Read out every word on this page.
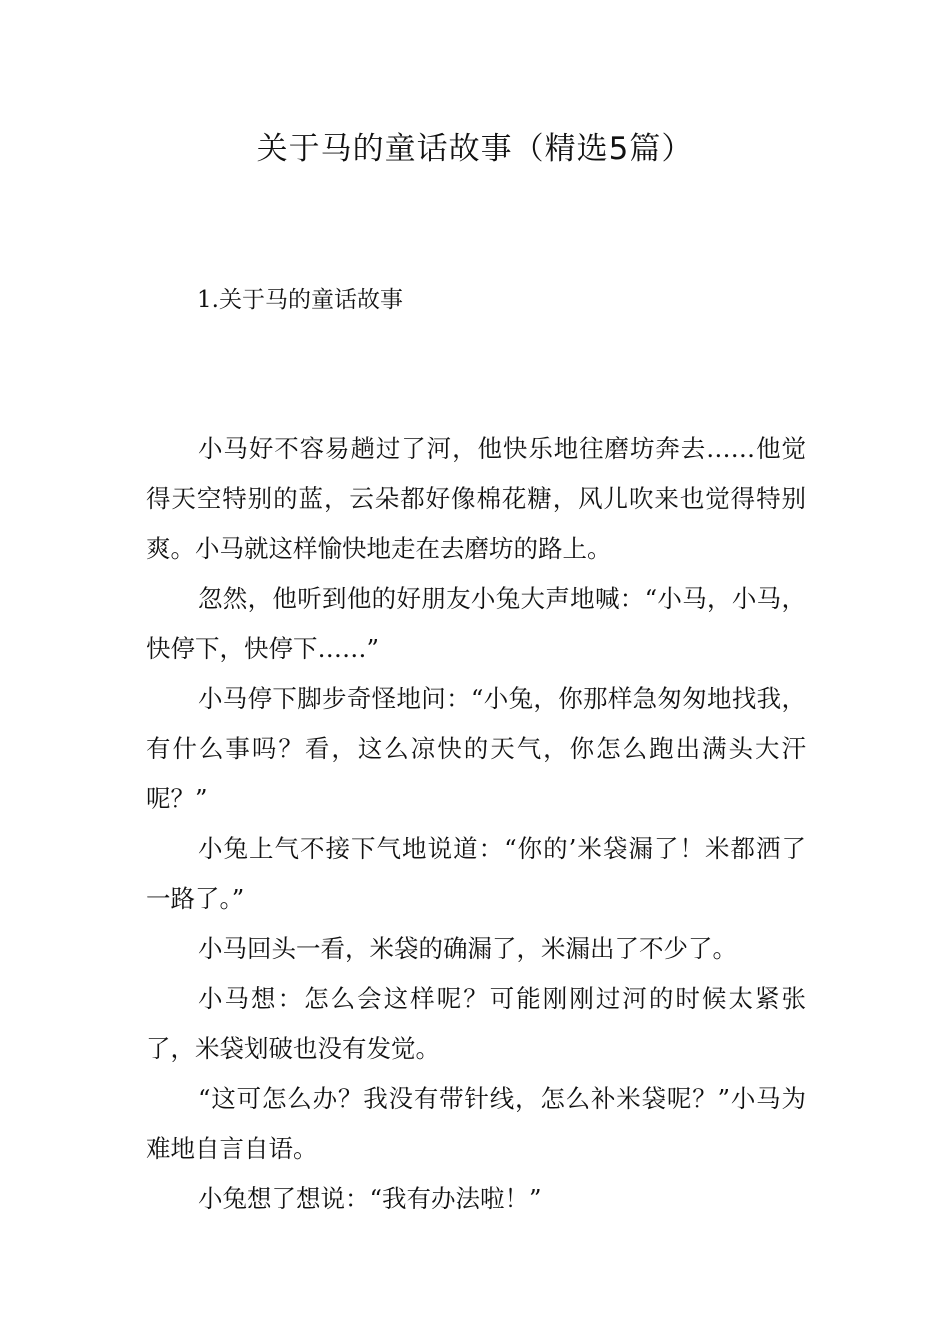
关于马的童话故事（精选5篇）
1.关于马的童话故事

小马好不容易趟过了河，他快乐地往磨坊奔去……他觉得天空特别的蓝，云朵都好像棉花糖，风儿吹来也觉得特别爽。小马就这样愉快地走在去磨坊的路上。

忽然，他听到他的好朋友小兔大声地喊：“小马，小马，快停下，快停下……”

小马停下脚步奇怪地问：“小兔，你那样急匆匆地找我，有什么事吗？看，这么凉快的天气，你怎么跑出满头大汗呢？”

小兔上气不接下气地说道：“你的’米袋漏了！米都洒了一路了。”

小马回头一看，米袋的确漏了，米漏出了不少了。

小马想：怎么会这样呢？可能刚刚过河的时候太紧张了，米袋划破也没有发觉。

“这可怎么办？我没有带针线，怎么补米袋呢？”小马为难地自言自语。

小兔想了想说：“我有办法啦！”
